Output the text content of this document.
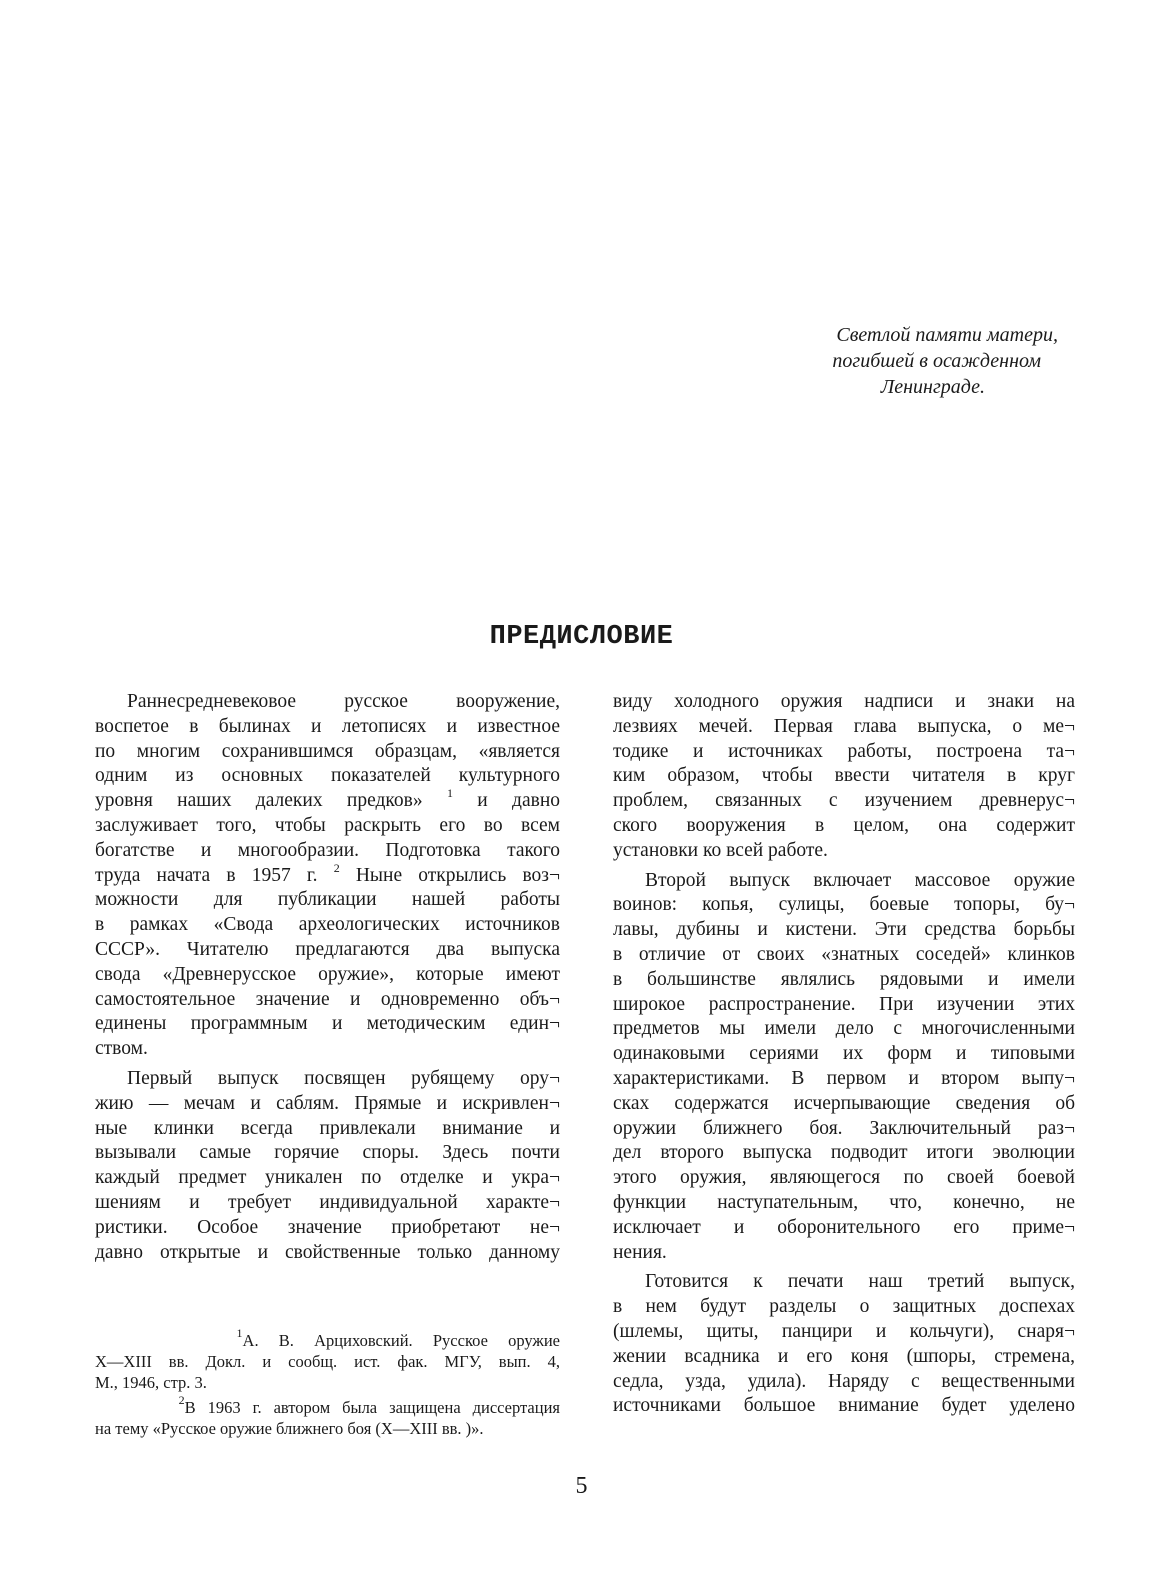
Светлой памяти матери,
погибшей в осажденном
Ленинграде.
ПРЕДИСЛОВИЕ

Раннесредневековое русское вооружение,
воспетое в былинах и летописях и известное
по многим сохранившимся образцам, «является
одним из основных показателей культурного
уровня наших далеких предков» $^1$ и давно
заслуживает того, чтобы раскрыть его во всем
богатстве и многообразии. Подготовка такого
труда начата в 1957 г. $^2$ Ныне открылись воз¬
можности для публикации нашей работы
в рамках «Свода археологических источников
СССР». Читателю предлагаются два выпуска
свода «Древнерусское оружие», которые имеют
самостоятельное значение и одновременно объ¬
единены программным и методическим един¬
ством.

Первый выпуск посвящен рубящему ору¬
жию — мечам и саблям. Прямые и искривлен¬
ные клинки всегда привлекали внимание и
вызывали самые горячие споры. Здесь почти
каждый предмет уникален по отделке и укра¬
шениям и требует индивидуальной характе¬
ристики. Особое значение приобретают не¬
давно открытые и свойственные только данному

виду холодного оружия надписи и знаки на
лезвиях мечей. Первая глава выпуска, о ме¬
тодике и источниках работы, построена та¬
ким образом, чтобы ввести читателя в круг
проблем, связанных с изучением древнерус¬
ского вооружения в целом, она содержит
установки ко всей работе.

Второй выпуск включает массовое оружие
воинов: копья, сулицы, боевые топоры, бу¬
лавы, дубины и кистени. Эти средства борьбы
в отличие от своих «знатных соседей» клинков
в большинстве являлись рядовыми и имели
широкое распространение. При изучении этих
предметов мы имели дело с многочисленными
одинаковыми сериями их форм и типовыми
характеристиками. В первом и втором выпу¬
сках содержатся исчерпывающие сведения об
оружии ближнего боя. Заключительный раз¬
дел второго выпуска подводит итоги эволюции
этого оружия, являющегося по своей боевой
функции наступательным, что, конечно, не
исключает и оборонительного его приме¬
нения.

Готовится к печати наш третий выпуск,
в нем будут разделы о защитных доспехах
(шлемы, щиты, панцири и кольчуги), снаря¬
жении всадника и его коня (шпоры, стремена,
седла, узда, удила). Наряду с вещественными
источниками большое внимание будет уделено

$^1$А. В. Арциховский. Русское оружие
X—XIII вв. Докл. и сообщ. ист. фак. МГУ, вып. 4,
М., 1946, стр. 3.

$^2$В 1963 г. автором была защищена диссертация
на тему «Русское оружие ближнего боя (X—XIII вв. )».

5
